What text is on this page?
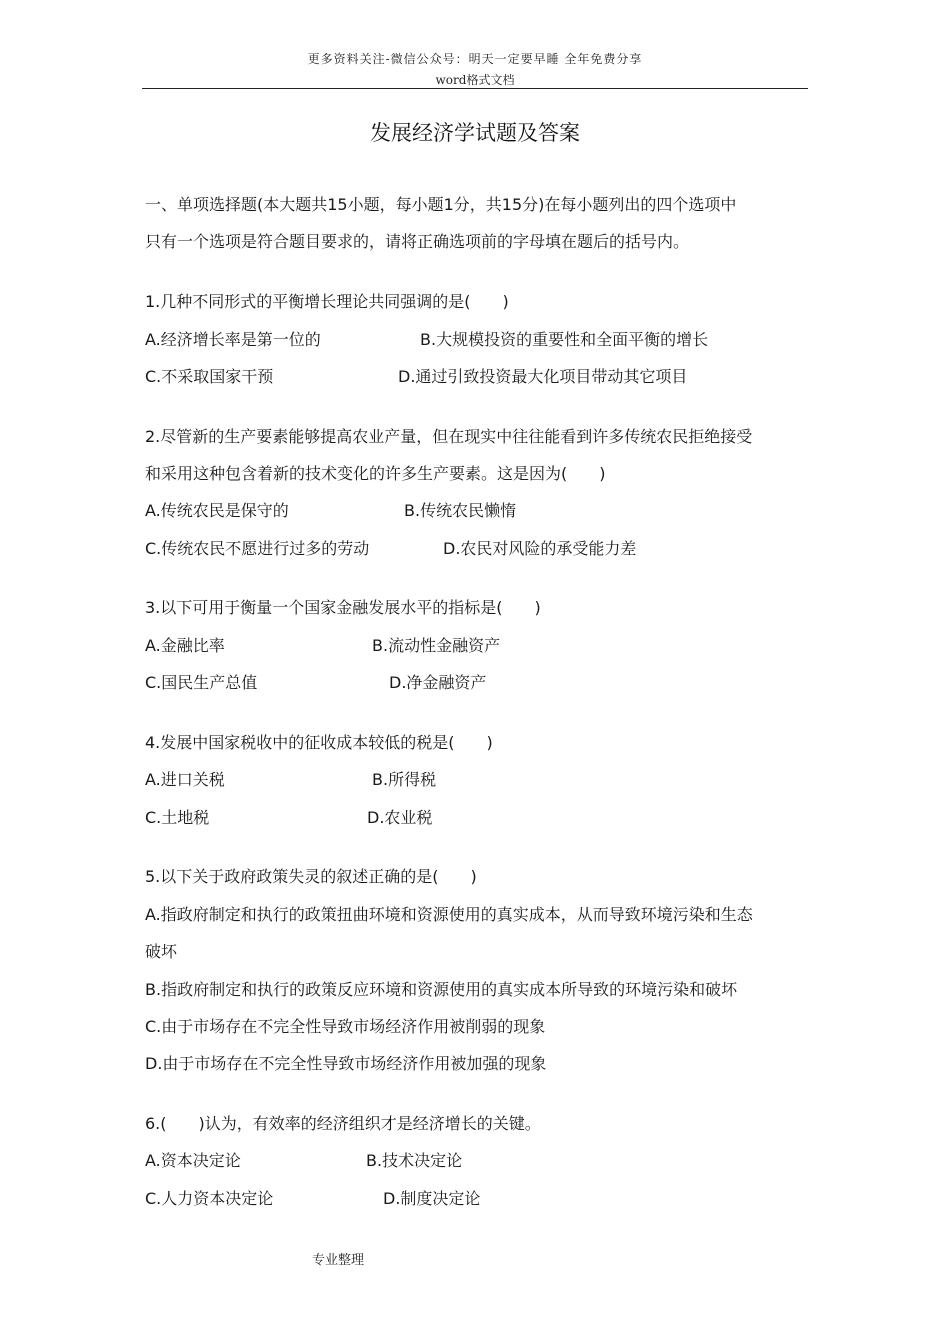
更多资料关注-微信公众号：明天一定要早睡 全年免费分享
word格式文档
发展经济学试题及答案
一、单项选择题(本大题共15小题，每小题1分，共15分)在每小题列出的四个选项中
只有一个选项是符合题目要求的，请将正确选项前的字母填在题后的括号内。
1.几种不同形式的平衡增长理论共同强调的是(　　)
A.经济增长率是第一位的	B.大规模投资的重要性和全面平衡的增长
C.不采取国家干预	D.通过引致投资最大化项目带动其它项目
2.尽管新的生产要素能够提高农业产量，但在现实中往往能看到许多传统农民拒绝接受
和采用这种包含着新的技术变化的许多生产要素。这是因为(　　)
A.传统农民是保守的	B.传统农民懒惰
C.传统农民不愿进行过多的劳动	D.农民对风险的承受能力差
3.以下可用于衡量一个国家金融发展水平的指标是(　　)
A.金融比率	B.流动性金融资产
C.国民生产总值	D.净金融资产
4.发展中国家税收中的征收成本较低的税是(　　)
A.进口关税	B.所得税
C.土地税	D.农业税
5.以下关于政府政策失灵的叙述正确的是(　　)
A.指政府制定和执行的政策扭曲环境和资源使用的真实成本，从而导致环境污染和生态
破坏
B.指政府制定和执行的政策反应环境和资源使用的真实成本所导致的环境污染和破坏
C.由于市场存在不完全性导致市场经济作用被削弱的现象
D.由于市场存在不完全性导致市场经济作用被加强的现象
6.(　　)认为，有效率的经济组织才是经济增长的关键。
A.资本决定论	B.技术决定论
C.人力资本决定论	D.制度决定论
专业整理
